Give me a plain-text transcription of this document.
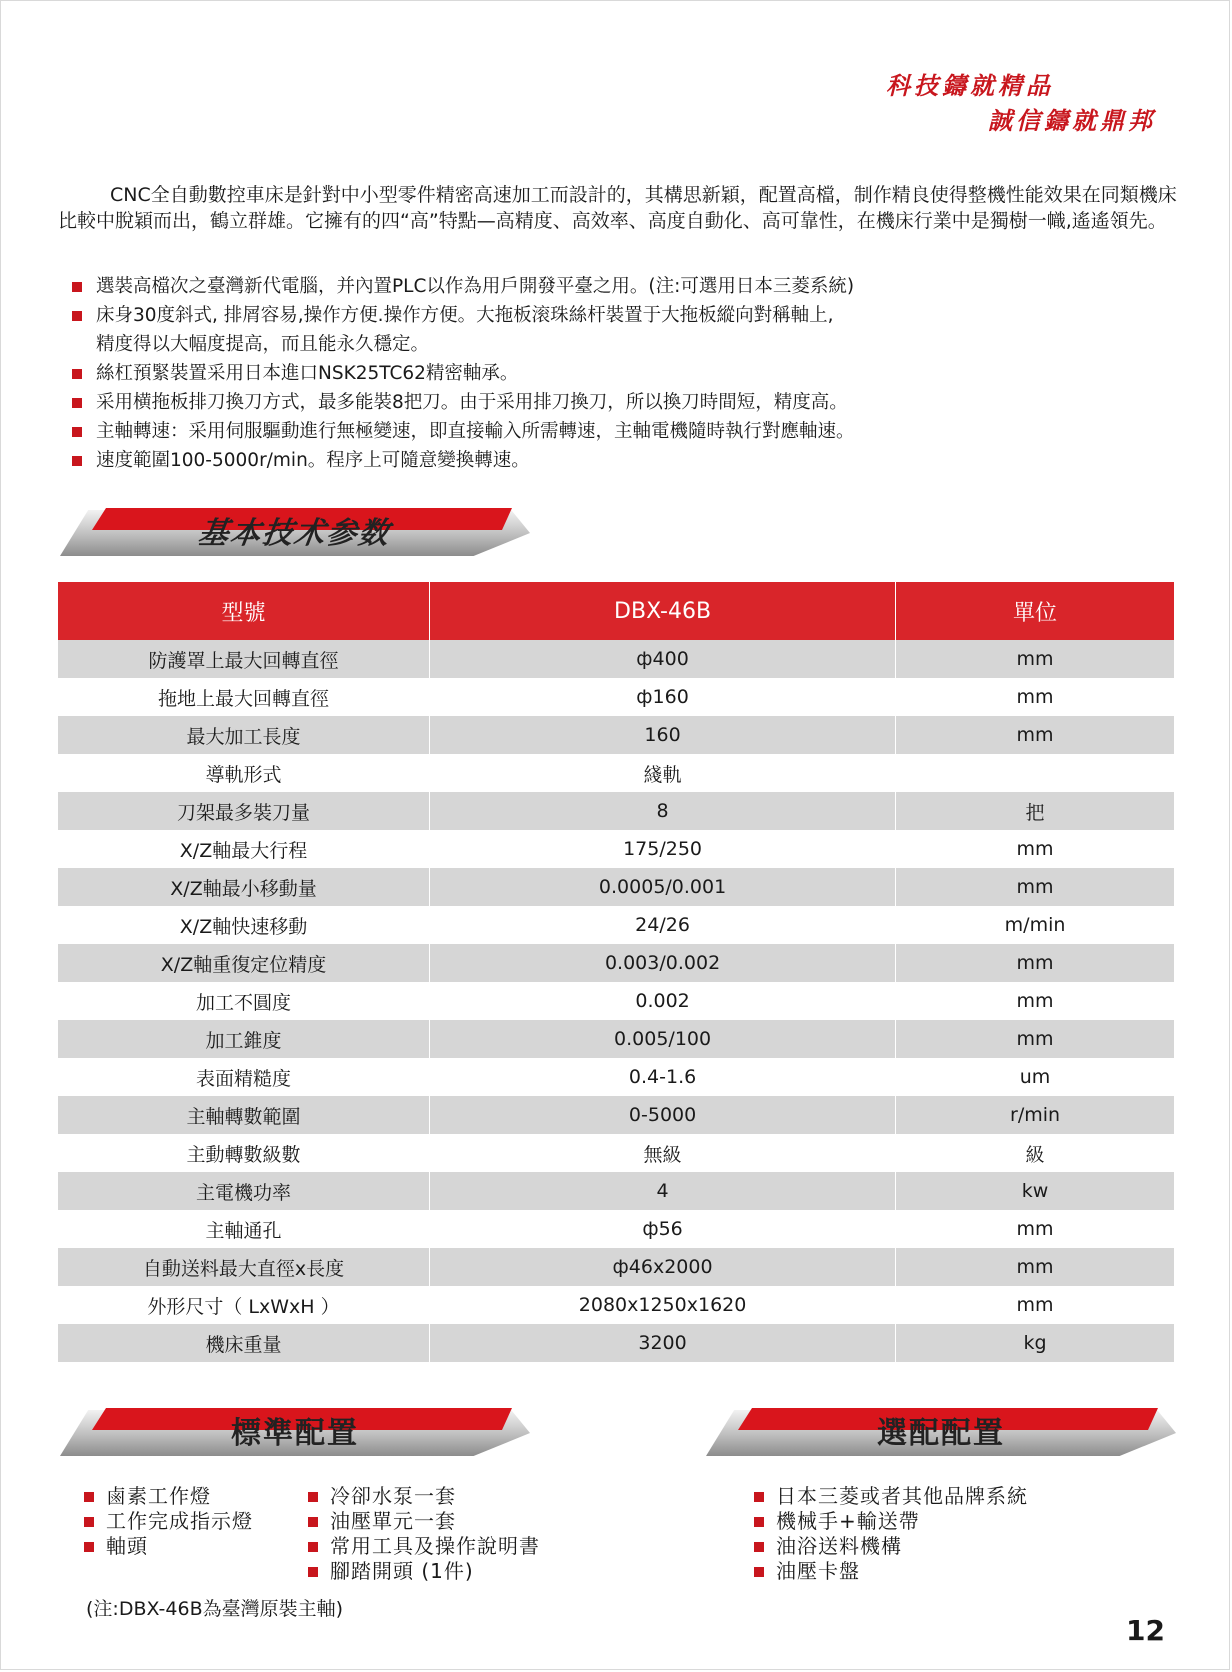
科技鑄就精品
誠信鑄就鼎邦

CNC全自動數控車床是針對中小型零件精密高速加工而設計的，其構思新穎，配置高檔，制作精良使得整機性能效果在同類機床比較中脫穎而出，鶴立群雄。它擁有的四“高”特點—高精度、高效率、高度自動化、高可靠性，在機床行業中是獨樹一幟,遙遙領先。

選裝高檔次之臺灣新代電腦，并內置PLC以作為用戶開發平臺之用。(注:可選用日本三菱系統)
床身30度斜式, 排屑容易,操作方便.操作方便。大拖板滚珠絲杆裝置于大拖板縱向對稱軸上,
精度得以大幅度提高，而且能永久穩定。
絲杠預緊裝置采用日本進口NSK25TC62精密軸承。
采用横拖板排刀換刀方式，最多能裝8把刀。由于采用排刀換刀，所以換刀時間短，精度高。
主軸轉速：采用伺服驅動進行無極變速，即直接輸入所需轉速，主軸電機隨時執行對應軸速。
速度範圍100-5000r/min。程序上可隨意變換轉速。
基本技术参数
型號	DBX-46B	單位
防護罩上最大回轉直徑	ф400	mm
拖地上最大回轉直徑	ф160	mm
最大加工長度	160	mm
導軌形式	綫軌	
刀架最多裝刀量	8	把
X/Z軸最大行程	175/250	mm
X/Z軸最小移動量	0.0005/0.001	mm
X/Z軸快速移動	24/26	m/min
X/Z軸重復定位精度	0.003/0.002	mm
加工不圓度	0.002	mm
加工錐度	0.005/100	mm
表面精糙度	0.4-1.6	um
主軸轉數範圍	0-5000	r/min
主動轉數級數	無級	級
主電機功率	4	kw
主軸通孔	ф56	mm
自動送料最大直徑x長度	ф46x2000	mm
外形尺寸（ LxWxH ）	2080x1250x1620	mm
機床重量	3200	kg
標準配置	選配配置
鹵素工作燈
工作完成指示燈
軸頭
冷卻水泵一套
油壓單元一套
常用工具及操作說明書
腳踏開頭 (1件)
日本三菱或者其他品牌系統
機械手+輸送帶
油浴送料機構
油壓卡盤
(注:DBX-46B為臺灣原裝主軸)
12
